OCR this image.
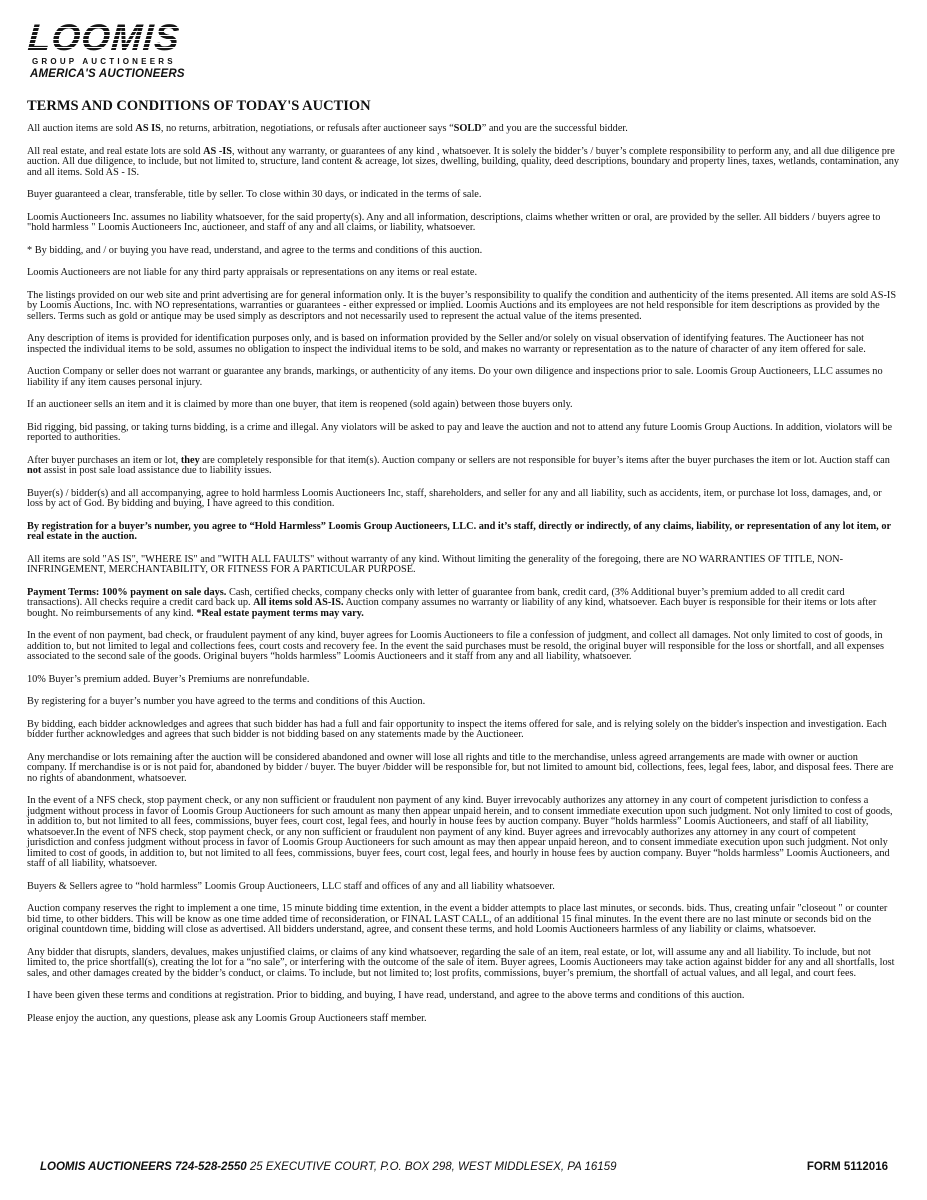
LOOMIS
GROUP AUCTIONEERS
AMERICA'S AUCTIONEERS
TERMS AND CONDITIONS OF TODAY'S AUCTION

All auction items are sold AS IS, no returns, arbitration, negotiations, or refusals after auctioneer says “SOLD” and you are the successful bidder.

All real estate, and real estate lots are sold AS -IS, without any warranty, or guarantees of any kind , whatsoever. It is solely the bidder’s / buyer’s complete responsibility to perform any, and all due diligence pre auction. All due diligence, to include, but not limited to, structure, land content & acreage, lot sizes, dwelling, building, quality, deed descriptions, boundary and property lines, taxes, wetlands, contamination, any and all items. Sold AS - IS.

Buyer guaranteed a clear, transferable, title by seller. To close within 30 days, or indicated in the terms of sale.

Loomis Auctioneers Inc. assumes no liability whatsoever, for the said property(s). Any and all information, descriptions, claims whether written or oral, are provided by the seller. All bidders / buyers agree to "hold harmless " Loomis Auctioneers Inc, auctioneer, and staff of any and all claims, or liability, whatsoever.

* By bidding, and / or buying you have read, understand, and agree to the terms and conditions of this auction.

Loomis Auctioneers are not liable for any third party appraisals or representations on any items or real estate.

The listings provided on our web site and print advertising are for general information only. It is the buyer’s responsibility to qualify the condition and authenticity of the items presented. All items are sold AS-IS by Loomis Auctions, Inc. with NO representations, warranties or guarantees - either expressed or implied. Loomis Auctions and its employees are not held responsible for item descriptions as provided by the sellers. Terms such as gold or antique may be used simply as descriptors and not necessarily used to represent the actual value of the items presented.

Any description of items is provided for identification purposes only, and is based on information provided by the Seller and/or solely on visual observation of identifying features. The Auctioneer has not inspected the individual items to be sold, assumes no obligation to inspect the individual items to be sold, and makes no warranty or representation as to the nature of character of any item offered for sale.

Auction Company or seller does not warrant or guarantee any brands, markings, or authenticity of any items. Do your own diligence and inspections prior to sale. Loomis Group Auctioneers, LLC assumes no liability if any item causes personal injury.

If an auctioneer sells an item and it is claimed by more than one buyer, that item is reopened (sold again) between those buyers only.

Bid rigging, bid passing, or taking turns bidding, is a crime and illegal. Any violators will be asked to pay and leave the auction and not to attend any future Loomis Group Auctions. In addition, violators will be reported to authorities.

After buyer purchases an item or lot, they are completely responsible for that item(s). Auction company or sellers are not responsible for buyer’s items after the buyer purchases the item or lot. Auction staff can not assist in post sale load assistance due to liability issues.

Buyer(s) / bidder(s) and all accompanying, agree to hold harmless Loomis Auctioneers Inc, staff, shareholders, and seller for any and all liability, such as accidents, item, or purchase lot loss, damages, and, or loss by act of God. By bidding and buying, I have agreed to this condition.

By registration for a buyer’s number, you agree to “Hold Harmless” Loomis Group Auctioneers, LLC. and it’s staff, directly or indirectly, of any claims, liability, or representation of any lot item, or real estate in the auction.

All items are sold "AS IS", "WHERE IS" and "WITH ALL FAULTS" without warranty of any kind. Without limiting the generality of the foregoing, there are NO WARRANTIES OF TITLE, NON-INFRINGEMENT, MERCHANTABILITY, OR FITNESS FOR A PARTICULAR PURPOSE.

Payment Terms: 100% payment on sale days. Cash, certified checks, company checks only with letter of guarantee from bank, credit card, (3% Additional buyer’s premium added to all credit card transactions). All checks require a credit card back up. All items sold AS-IS. Auction company assumes no warranty or liability of any kind, whatsoever. Each buyer is responsible for their items or lots after bought. No reimbursements of any kind. *Real estate payment terms may vary.

In the event of non payment, bad check, or fraudulent payment of any kind, buyer agrees for Loomis Auctioneers to file a confession of judgment, and collect all damages. Not only limited to cost of goods, in addition to, but not limited to legal and collections fees, court costs and recovery fee. In the event the said purchases must be resold, the original buyer will responsible for the loss or shortfall, and all expenses associated to the second sale of the goods. Original buyers “holds harmless” Loomis Auctioneers and it staff from any and all liability, whatsoever.

10% Buyer’s premium added. Buyer’s Premiums are nonrefundable.

By registering for a buyer’s number you have agreed to the terms and conditions of this Auction.

By bidding, each bidder acknowledges and agrees that such bidder has had a full and fair opportunity to inspect the items offered for sale, and is relying solely on the bidder's inspection and investigation. Each bidder further acknowledges and agrees that such bidder is not bidding based on any statements made by the Auctioneer.

Any merchandise or lots remaining after the auction will be considered abandoned and owner will lose all rights and title to the merchandise, unless agreed arrangements are made with owner or auction company. If merchandise is or is not paid for, abandoned by bidder / buyer. The buyer /bidder will be responsible for, but not limited to amount bid, collections, fees, legal fees, labor, and disposal fees. There are no rights of abandonment, whatsoever.

In the event of a NFS check, stop payment check, or any non sufficient or fraudulent non payment of any kind. Buyer irrevocably authorizes any attorney in any court of competent jurisdiction to confess a judgment without process in favor of Loomis Group Auctioneers for such amount as many then appear unpaid herein, and to consent immediate execution upon such judgment. Not only limited to cost of goods, in addition to, but not limited to all fees, commissions, buyer fees, court cost, legal fees, and hourly in house fees by auction company. Buyer “holds harmless” Loomis Auctioneers, and staff of all liability, whatsoever.In the event of NFS check, stop payment check, or any non sufficient or fraudulent non payment of any kind. Buyer agrees and irrevocably authorizes any attorney in any court of competent jurisdiction and confess judgment without process in favor of Loomis Group Auctioneers for such amount as may then appear unpaid hereon, and to consent immediate execution upon such judgment. Not only limited to cost of goods, in addition to, but not limited to all fees, commissions, buyer fees, court cost, legal fees, and hourly in house fees by auction company. Buyer “holds harmless” Loomis Auctioneers, and staff of all liability, whatsoever.

Buyers & Sellers agree to “hold harmless” Loomis Group Auctioneers, LLC staff and offices of any and all liability whatsoever.

Auction company reserves the right to implement a one time, 15 minute bidding time extention, in the event a bidder attempts to place last minutes, or seconds. bids. Thus, creating unfair "closeout " or counter bid time, to other bidders. This will be know as one time added time of reconsideration, or FINAL LAST CALL, of an additional 15 final minutes. In the event there are no last minute or seconds bid on the original countdown time, bidding will close as advertised. All bidders understand, agree, and consent these terms, and hold Loomis Auctioneers harmless of any liability or claims, whatsoever.

Any bidder that disrupts, slanders, devalues, makes unjustified claims, or claims of any kind whatsoever, regarding the sale of an item, real estate, or lot, will assume any and all liability. To include, but not limited to, the price shortfall(s), creating the lot for a “no sale”, or interfering with the outcome of the sale of item. Buyer agrees, Loomis Auctioneers may take action against bidder for any and all shortfalls, lost sales, and other damages created by the bidder’s conduct, or claims. To include, but not limited to; lost profits, commissions, buyer’s premium, the shortfall of actual values, and all legal, and court fees.

I have been given these terms and conditions at registration. Prior to bidding, and buying, I have read, understand, and agree to the above terms and conditions of this auction.

Please enjoy the auction, any questions, please ask any Loomis Group Auctioneers staff member.

LOOMIS AUCTIONEERS 724-528-2550 25 EXECUTIVE COURT, P.O. BOX 298, WEST MIDDLESEX, PA 16159	FORM 5112016
